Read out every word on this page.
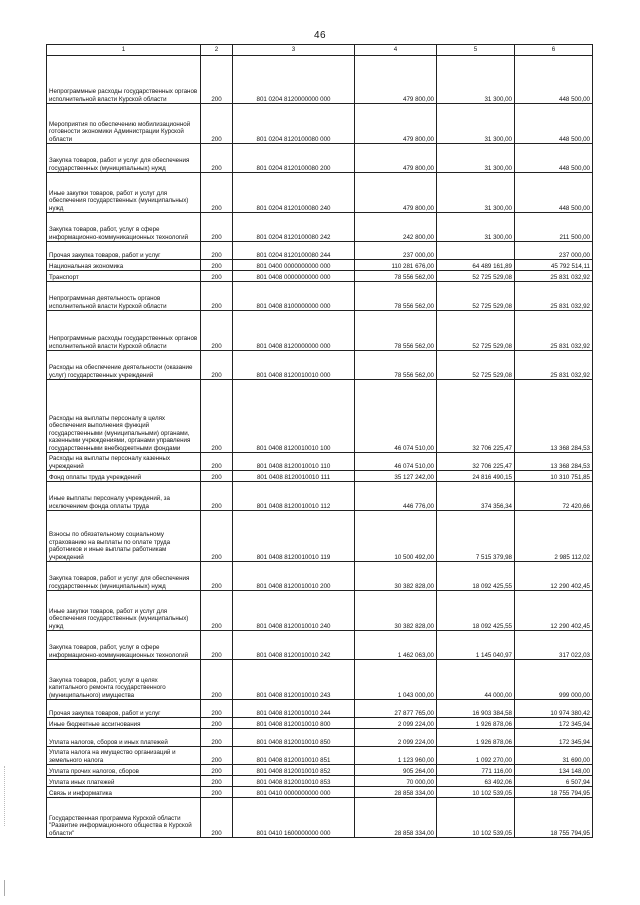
46
1	2	3	4	5	6
Непрограммные расходы государственных органов исполнительной власти Курской области	200	801 0204 8120000000 000	479 800,00	31 300,00	448 500,00
Мероприятия по обеспечению мобилизационной готовности экономики Администрации Курской области	200	801 0204 8120100080 000	479 800,00	31 300,00	448 500,00
Закупка товаров, работ и услуг для обеспечения государственных (муниципальных) нужд	200	801 0204 8120100080 200	479 800,00	31 300,00	448 500,00
Иные закупки товаров, работ и услуг для обеспечения государственных (муниципальных) нужд	200	801 0204 8120100080 240	479 800,00	31 300,00	448 500,00
Закупка товаров, работ, услуг в сфере информационно-коммуникационных технологий	200	801 0204 8120100080 242	242 800,00	31 300,00	211 500,00
Прочая закупка товаров, работ и услуг	200	801 0204 8120100080 244	237 000,00		237 000,00
Национальная экономика	200	801 0400 0000000000 000	110 281 676,00	64 489 161,89	45 792 514,11
Транспорт	200	801 0408 0000000000 000	78 556 562,00	52 725 529,08	25 831 032,92
Непрограммная деятельность органов исполнительной власти Курской области	200	801 0408 8100000000 000	78 556 562,00	52 725 529,08	25 831 032,92
Непрограммные расходы государственных органов исполнительной власти Курской области	200	801 0408 8120000000 000	78 556 562,00	52 725 529,08	25 831 032,92
Расходы на обеспечение деятельности (оказание услуг) государственных учреждений	200	801 0408 8120010010 000	78 556 562,00	52 725 529,08	25 831 032,92
Расходы на выплаты персоналу в целях обеспечения выполнения функций государственными (муниципальными) органами, казенными учреждениями, органами управления государственными внебюджетными фондами	200	801 0408 8120010010 100	46 074 510,00	32 706 225,47	13 368 284,53
Расходы на выплаты персоналу казенных учреждений	200	801 0408 8120010010 110	46 074 510,00	32 706 225,47	13 368 284,53
Фонд оплаты труда учреждений	200	801 0408 8120010010 111	35 127 242,00	24 816 490,15	10 310 751,85
Иные выплаты персоналу учреждений, за исключением фонда оплаты труда	200	801 0408 8120010010 112	446 776,00	374 356,34	72 420,66
Взносы по обязательному социальному страхованию на выплаты по оплате труда работников и иные выплаты работникам учреждений	200	801 0408 8120010010 119	10 500 492,00	7 515 379,98	2 985 112,02
Закупка товаров, работ и услуг для обеспечения государственных (муниципальных) нужд	200	801 0408 8120010010 200	30 382 828,00	18 092 425,55	12 290 402,45
Иные закупки товаров, работ и услуг для обеспечения государственных (муниципальных) нужд	200	801 0408 8120010010 240	30 382 828,00	18 092 425,55	12 290 402,45
Закупка товаров, работ, услуг в сфере информационно-коммуникационных технологий	200	801 0408 8120010010 242	1 462 063,00	1 145 040,97	317 022,03
Закупка товаров, работ, услуг в целях капитального ремонта государственного (муниципального) имущества	200	801 0408 8120010010 243	1 043 000,00	44 000,00	999 000,00
Прочая закупка товаров, работ и услуг	200	801 0408 8120010010 244	27 877 765,00	16 903 384,58	10 974 380,42
Иные бюджетные ассигнования	200	801 0408 8120010010 800	2 099 224,00	1 926 878,06	172 345,94
Уплата налогов, сборов и иных платежей	200	801 0408 8120010010 850	2 099 224,00	1 926 878,06	172 345,94
Уплата налога на имущество организаций и земельного налога	200	801 0408 8120010010 851	1 123 960,00	1 092 270,00	31 690,00
Уплата прочих налогов, сборов	200	801 0408 8120010010 852	905 264,00	771 116,00	134 148,00
Уплата иных платежей	200	801 0408 8120010010 853	70 000,00	63 492,06	6 507,94
Связь и информатика	200	801 0410 0000000000 000	28 858 334,00	10 102 539,05	18 755 794,95
Государственная программа Курской области "Развитие информационного общества в Курской области"	200	801 0410 1600000000 000	28 858 334,00	10 102 539,05	18 755 794,95
